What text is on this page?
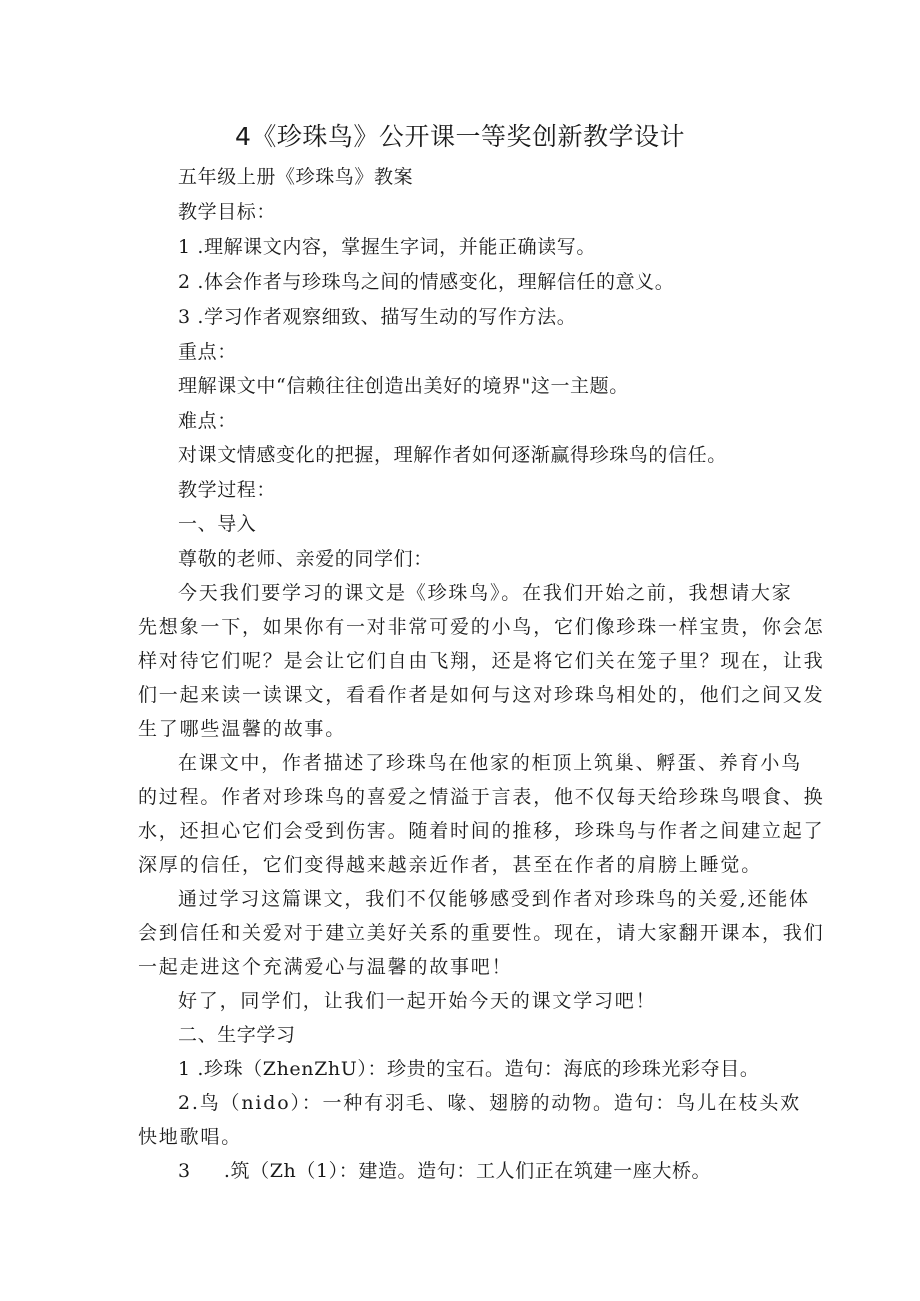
4《珍珠鸟》公开课一等奖创新教学设计
五年级上册《珍珠鸟》教案
教学目标：
1 .理解课文内容，掌握生字词，并能正确读写。
2 .体会作者与珍珠鸟之间的情感变化，理解信任的意义。
3 .学习作者观察细致、描写生动的写作方法。
重点：
理解课文中“信赖往往创造出美好的境界"这一主题。
难点：
对课文情感变化的把握，理解作者如何逐渐赢得珍珠鸟的信任。
教学过程：
一、导入
尊敬的老师、亲爱的同学们：
今天我们要学习的课文是《珍珠鸟》。在我们开始之前，我想请大家
先想象一下，如果你有一对非常可爱的小鸟，它们像珍珠一样宝贵，你会怎
样对待它们呢？是会让它们自由飞翔，还是将它们关在笼子里？现在，让我
们一起来读一读课文，看看作者是如何与这对珍珠鸟相处的，他们之间又发
生了哪些温馨的故事。
在课文中，作者描述了珍珠鸟在他家的柜顶上筑巢、孵蛋、养育小鸟
的过程。作者对珍珠鸟的喜爱之情溢于言表，他不仅每天给珍珠鸟喂食、换
水，还担心它们会受到伤害。随着时间的推移，珍珠鸟与作者之间建立起了
深厚的信任，它们变得越来越亲近作者，甚至在作者的肩膀上睡觉。
通过学习这篇课文，我们不仅能够感受到作者对珍珠鸟的关爱,还能体
会到信任和关爱对于建立美好关系的重要性。现在，请大家翻开课本，我们
一起走进这个充满爱心与温馨的故事吧！
好了，同学们，让我们一起开始今天的课文学习吧！
二、生字学习
1 .珍珠（ZhenZhU）：珍贵的宝石。造句：海底的珍珠光彩夺目。
2.鸟（nido）：一种有羽毛、喙、翅膀的动物。造句：鸟儿在枝头欢
快地歌唱。
3     .筑（Zh（1）：建造。造句：工人们正在筑建一座大桥。
